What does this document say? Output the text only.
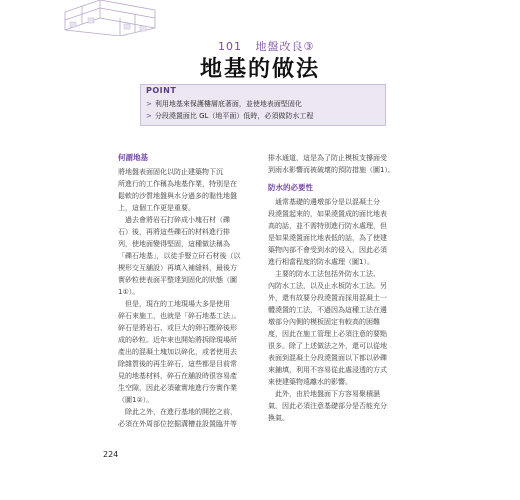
101 地盤改良③
地基的做法
POINT
> 利用地基來保護樓層底著面，並使地表面堅固化
> 分段澆置面比 GL（地平面）低時，必須做防水工程
何謂地基
將地盤表面固化以防止建築物下沉
所進行的工作稱為地基作業，特別是在
鬆軟的沙質地盤與水分過多的黏性地盤
上，這個工作更是重要。
　過去會將岩石打碎成小塊石材（礫
石）後，再將這些礫石的材料進行排
列，使地面變得堅固，這種做法稱為
「礫石地基」，以徒手豎立矸石材後（以
楔形交互舖設）再填入補縫料，最後方
實砂粒使表面平整達到固化的狀態（圖
1①）。
　但是，現在的工地現場大多是使用
碎石來施工，也就是「碎石地基工法」。
碎石是將岩石、或巨大的卵石壓碎後形
成的砂粒。近年來也開始將拆除現場所
產出的混凝土塊加以碎化，或者使用去
除雜質後的再生碎石，這些都是目前常
見的地基材料，碎石在舖設時很容易產
生空隙，因此必須確實地進行夯實作業
（圖1②）。
　除此之外，在進行基地的開挖之前，
必須在外周部位挖掘溝槽並設置臨井等
排水通道，這是為了防止模板支撐面受
到雨水影響而被破壞的預防措施（圖1）。
防水的必要性
　通常基礎的邊墩部分是以混凝土分
段澆置起來的，如果澆置成的面比地表
高的話，並不需特別進行防水處理，但
是如果澆置面比地表低的話，為了使建
築物內部不會受到水的侵入，因此必須
進行相當程度的防水處理（圖1）。
　主要的防水工法包括外防水工法、
內防水工法，以及止水板防水工法。另
外，還有故要分段澆置而採用混凝土一
體澆置的工法，不過因為這種工法在邊
墩部分內側的模板固定有較高的困難
度，因此在施工管理上必須注意的要點
很多。除了上述做法之外，還可以從地
表面到混凝土分段澆置面以下都以砂礫
來鋪填，利用不容易從此處浸透的方式
來使建築物遠離水的影響。
　此外，由於地盤面下方容易聚積濕
氣，因此必須注意基礎部分是否能充分
換氣。
224
